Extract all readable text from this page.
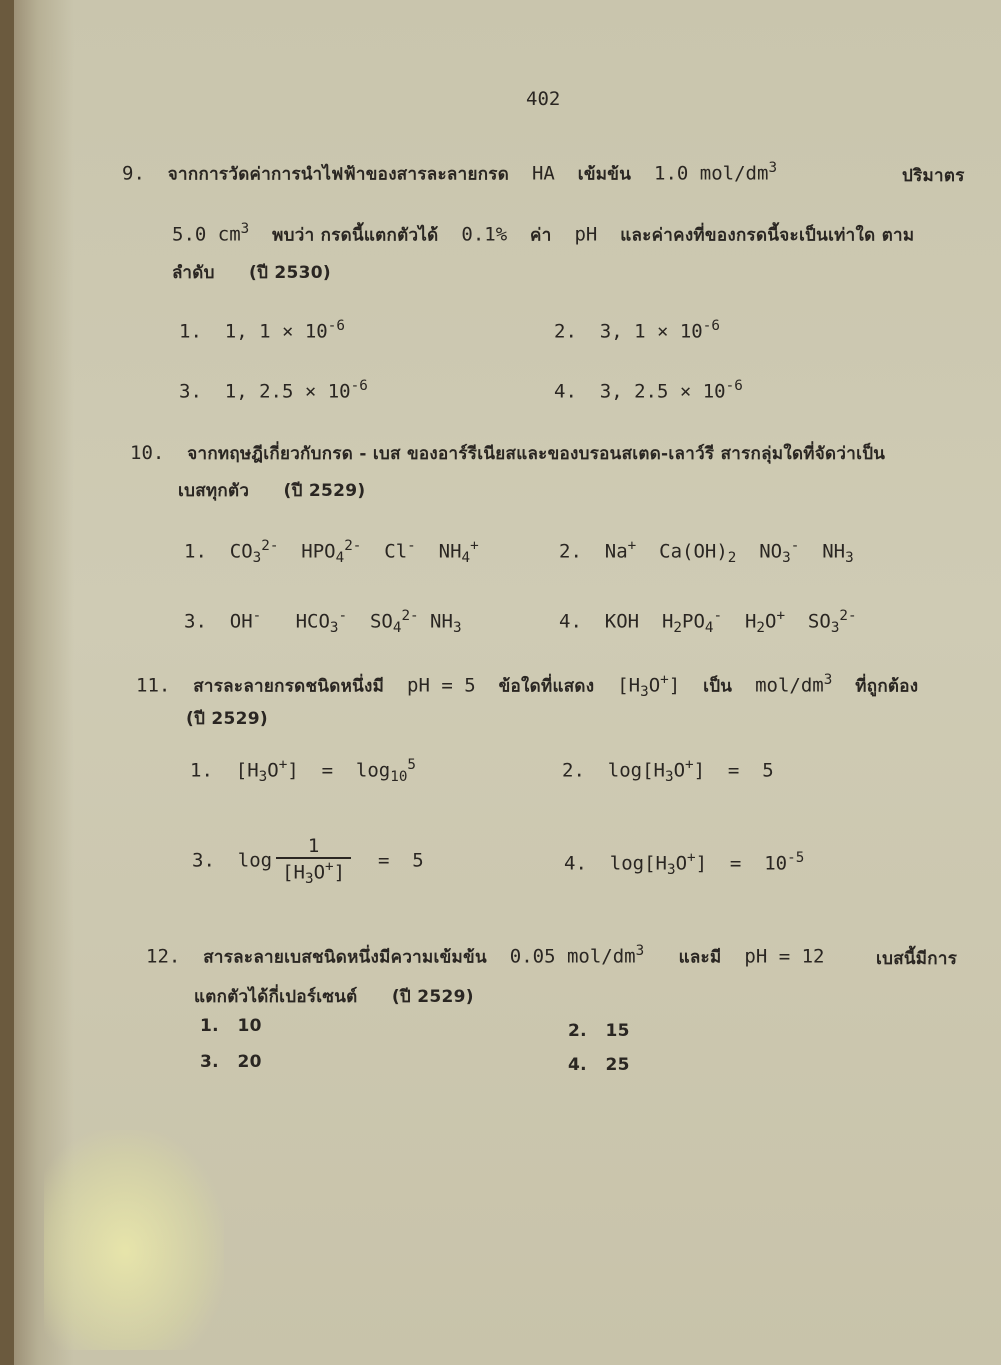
402
9. จากการวัดค่าการนำไฟฟ้าของสารละลายกรด HA เข้มข้น 1.0 mol/$dm^3$	ปริมาตร
5.0 $cm^3$ พบว่า กรดนี้แตกตัวได้ 0.1% ค่า pH และค่าคงที่ของกรดนี้จะเป็นเท่าใด ตาม
ลำดับ (ปี 2530)
1. 1, $1 \times 10^{-6}$	2. 3, $1 \times 10^{-6}$
3. 1, $2.5 \times 10^{-6}$	4. 3, $2.5 \times 10^{-6}$
10. จากทฤษฎีเกี่ยวกับกรด - เบส ของอาร์รีเนียสและของบรอนสเตด-เลาว์รี สารกลุ่มใดที่จัดว่าเป็น
เบสทุกตัว (ปี 2529)
1.  $CO_3^{2-}$  $HPO_4^{2-}$  Cl-  $NH_4^+$	2.  Na+  $Ca(OH)_2$  $NO_3^-$  $NH_3$
3.  OH-   $HCO_3^-$  $SO_4^{2-}$ $NH_3$	4.  KOH  $H_2PO_4^-$  $H_2O^+$  $SO_3^{2-}$
11. สารละลายกรดชนิดหนึ่งมี pH = 5 ข้อใดที่แสดง  $[H_3O^+]$  เป็น mol/$dm^3$ ที่ถูกต้อง
(ปี 2529)
1.  $[H_3O^+] = \log_{10}^5$	2.  $\log[H_3O^+] = 5$
3.  $\log \frac{1}{[H_3O^+]} = 5$	4.  $\log[H_3O^+] = 10^{-5}$
12. สารละลายเบสชนิดหนึ่งมีความเข้มข้น 0.05 mol/$dm^3$ และมี pH = 12	เบสนี้มีการ
แตกตัวได้กี่เปอร์เซนต์ (ปี 2529)
1. 10	2. 15
3. 20	4. 25
